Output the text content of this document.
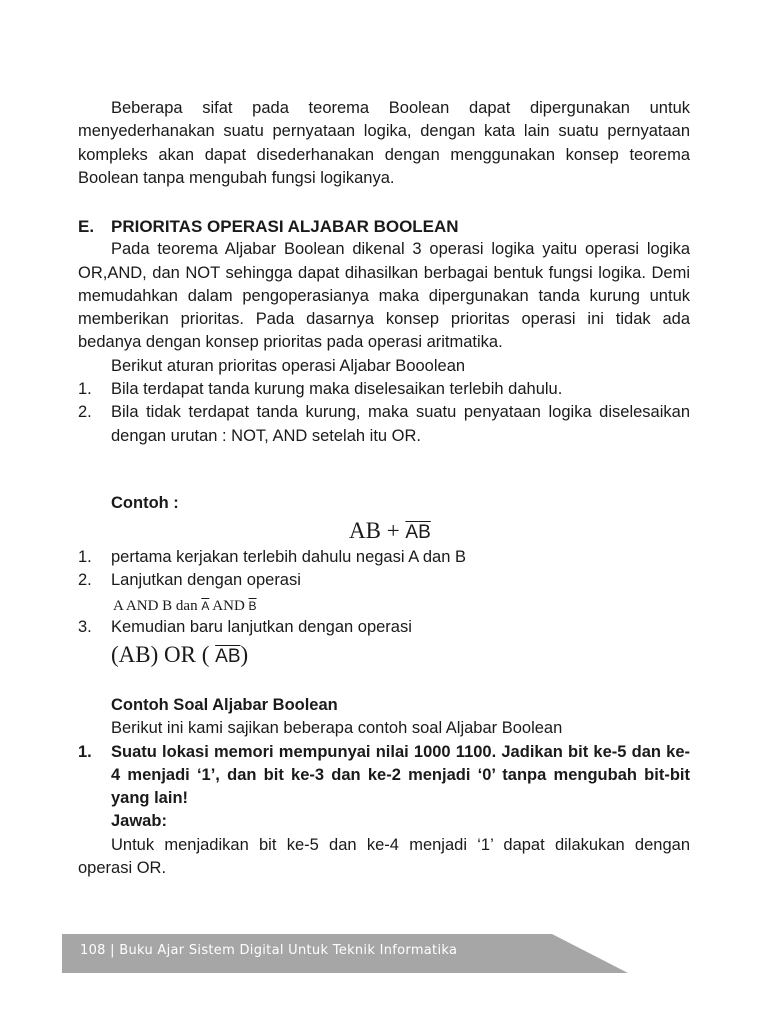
Beberapa sifat pada teorema Boolean dapat dipergunakan untuk menyederhanakan suatu pernyataan logika, dengan kata lain suatu pernyataan kompleks akan dapat disederhanakan dengan menggunakan konsep teorema Boolean tanpa mengubah fungsi logikanya.

E. PRIORITAS OPERASI ALJABAR BOOLEAN

Pada teorema Aljabar Boolean dikenal 3 operasi logika yaitu operasi logika OR,AND, dan NOT sehingga dapat dihasilkan berbagai bentuk fungsi logika. Demi memudahkan dalam pengoperasianya maka dipergunakan tanda kurung untuk memberikan prioritas. Pada dasarnya konsep prioritas operasi ini tidak ada bedanya dengan konsep prioritas pada operasi aritmatika.

Berikut aturan prioritas operasi Aljabar Booolean

1. Bila terdapat tanda kurung maka diselesaikan terlebih dahulu.
2. Bila tidak terdapat tanda kurung, maka suatu penyataan logika diselesaikan dengan urutan : NOT, AND setelah itu OR.

Contoh :

AB + $\overline{A}\overline{B}$
1. pertama kerjakan terlebih dahulu negasi A dan B
2. Lanjutkan dengan operasi
A AND B dan $\overline{A}$ AND $\overline{B}$
3. Kemudian baru lanjutkan dengan operasi
(AB) OR ( $\overline{AB}$)

Contoh Soal Aljabar Boolean

Berikut ini kami sajikan beberapa contoh soal Aljabar Boolean

1. Suatu lokasi memori mempunyai nilai 1000 1100. Jadikan bit ke-5 dan ke-4 menjadi ‘1’, dan bit ke-3 dan ke-2 menjadi ‘0’ tanpa mengubah bit-bit yang lain!

Jawab:

Untuk menjadikan bit ke-5 dan ke-4 menjadi ‘1’ dapat dilakukan dengan operasi OR.

108 | Buku Ajar Sistem Digital Untuk Teknik Informatika
